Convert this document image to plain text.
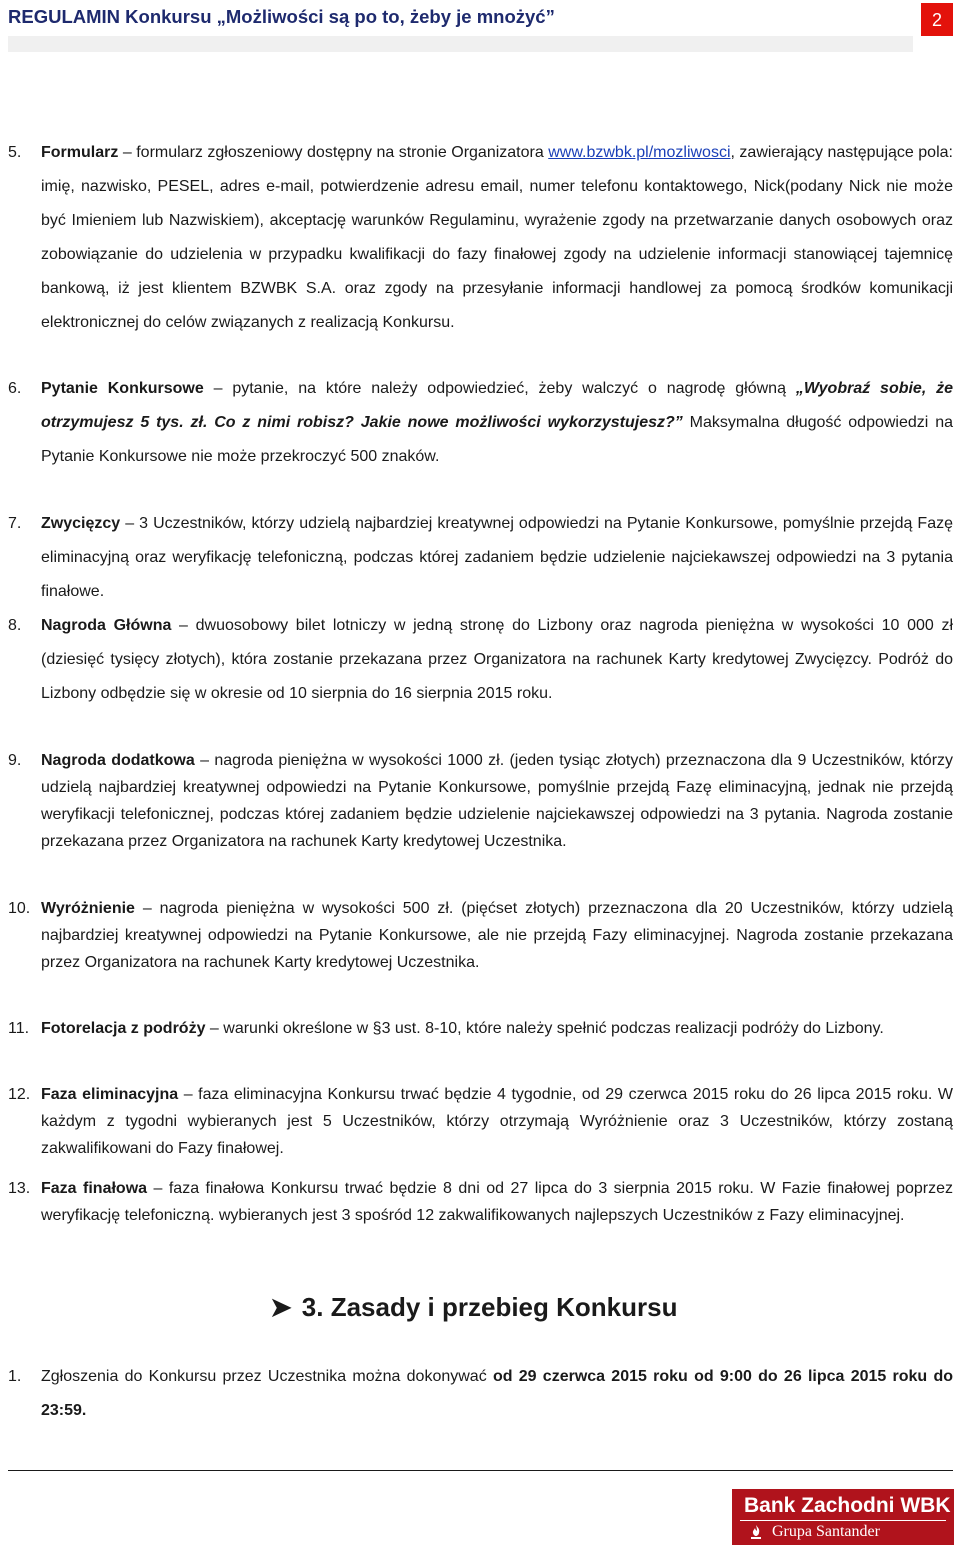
REGULAMIN Konkursu „Możliwości są po to, żeby je mnożyć”	2
5. Formularz – formularz zgłoszeniowy dostępny na stronie Organizatora www.bzwbk.pl/mozliwosci, zawierający następujące pola: imię, nazwisko, PESEL, adres e-mail, potwierdzenie adresu email, numer telefonu kontaktowego, Nick(podany Nick nie może być Imieniem lub Nazwiskiem), akceptację warunków Regulaminu, wyrażenie zgody na przetwarzanie danych osobowych oraz zobowiązanie do udzielenia w przypadku kwalifikacji do fazy finałowej zgody na udzielenie informacji stanowiącej tajemnicę bankową, iż jest klientem BZWBK S.A. oraz zgody na przesyłanie informacji handlowej za pomocą środków komunikacji elektronicznej do celów związanych z realizacją Konkursu.
6. Pytanie Konkursowe – pytanie, na które należy odpowiedzieć, żeby walczyć o nagrodę główną „Wyobraź sobie, że otrzymujesz 5 tys. zł. Co z nimi robisz? Jakie nowe możliwości wykorzystujesz?” Maksymalna długość odpowiedzi na Pytanie Konkursowe nie może przekroczyć 500 znaków.
7. Zwycięzcy – 3 Uczestników, którzy udzielą najbardziej kreatywnej odpowiedzi na Pytanie Konkursowe, pomyślnie przejdą Fazę eliminacyjną oraz weryfikację telefoniczną, podczas której zadaniem będzie udzielenie najciekawszej odpowiedzi na 3 pytania finałowe.
8. Nagroda Główna – dwuosobowy bilet lotniczy w jedną stronę do Lizbony oraz nagroda pieniężna w wysokości 10 000 zł (dziesięć tysięcy złotych), która zostanie przekazana przez Organizatora na rachunek Karty kredytowej Zwycięzcy. Podróż do Lizbony odbędzie się w okresie od 10 sierpnia do 16 sierpnia 2015 roku.
9. Nagroda dodatkowa – nagroda pieniężna w wysokości 1000 zł. (jeden tysiąc złotych) przeznaczona dla 9 Uczestników, którzy udzielą najbardziej kreatywnej odpowiedzi na Pytanie Konkursowe, pomyślnie przejdą Fazę eliminacyjną, jednak nie przejdą weryfikacji telefonicznej, podczas której zadaniem będzie udzielenie najciekawszej odpowiedzi na 3 pytania. Nagroda zostanie przekazana przez Organizatora na rachunek Karty kredytowej Uczestnika.
10. Wyróżnienie – nagroda pieniężna w wysokości 500 zł. (pięćset złotych) przeznaczona dla 20 Uczestników, którzy udzielą najbardziej kreatywnej odpowiedzi na Pytanie Konkursowe, ale nie przejdą Fazy eliminacyjnej. Nagroda zostanie przekazana przez Organizatora na rachunek Karty kredytowej Uczestnika.
11. Fotorelacja z podróży – warunki określone w §3 ust. 8-10, które należy spełnić podczas realizacji podróży do Lizbony.
12. Faza eliminacyjna – faza eliminacyjna Konkursu trwać będzie 4 tygodnie, od 29 czerwca 2015 roku do 26 lipca 2015 roku. W każdym z tygodni wybieranych jest 5 Uczestników, którzy otrzymają Wyróżnienie oraz 3 Uczestników, którzy zostaną zakwalifikowani do Fazy finałowej.
13. Faza finałowa – faza finałowa Konkursu trwać będzie 8 dni od 27 lipca do 3 sierpnia 2015 roku. W Fazie finałowej poprzez weryfikację telefoniczną. wybieranych jest 3 spośród 12 zakwalifikowanych najlepszych Uczestników z Fazy eliminacyjnej.
➤ 3. Zasady i przebieg Konkursu
1. Zgłoszenia do Konkursu przez Uczestnika można dokonywać od 29 czerwca 2015 roku od 9:00 do 26 lipca 2015 roku do 23:59.
Bank Zachodni WBK
Grupa Santander
